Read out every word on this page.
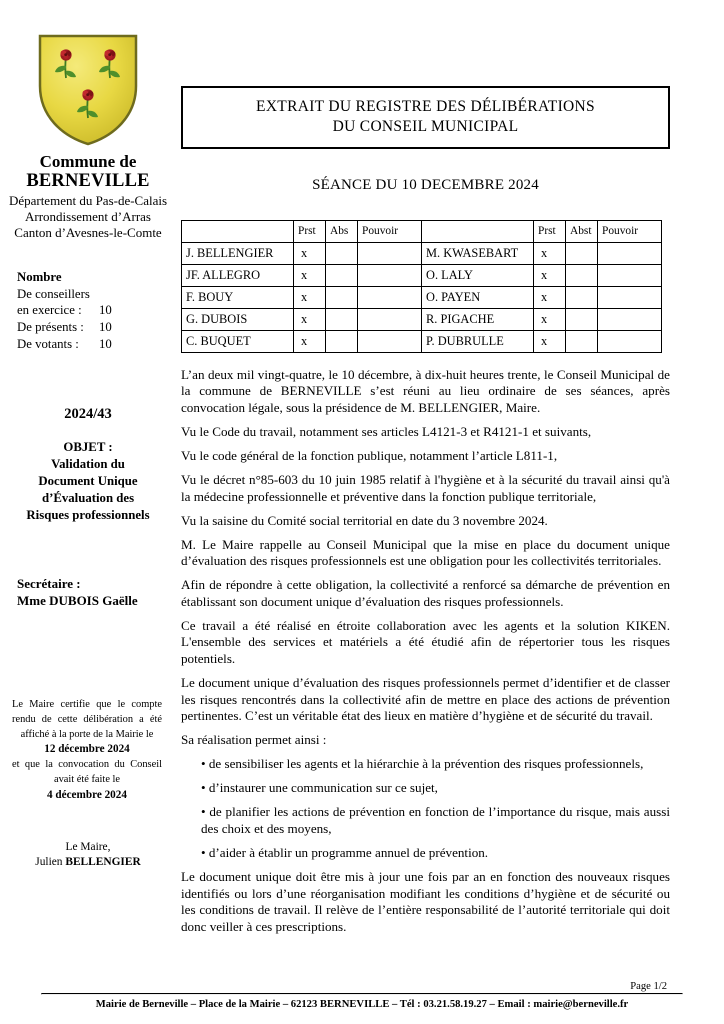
Commune de
BERNEVILLE
Département du Pas-de-Calais
Arrondissement d’Arras
Canton d’Avesnes-le-Comte
Nombre
De conseillers
en exercice :	10
De présents :	10
De votants :	10
2024/43
OBJET :
Validation du
Document Unique
d’Évaluation des
Risques professionnels
Secrétaire :
Mme DUBOIS Gaëlle
Le Maire certifie que le compte rendu de cette délibération a été affiché à la porte de la Mairie le
12 décembre 2024
et que la convocation du Conseil avait été faite le
4 décembre 2024
Le Maire,
Julien BELLENGIER
EXTRAIT DU REGISTRE DES DÉLIBÉRATIONS
DU CONSEIL MUNICIPAL
SÉANCE DU 10 DECEMBRE 2024
	Prst	Abs	Pouvoir		Prst	Abst	Pouvoir
J. BELLENGIER	x			M. KWASEBART	x		
JF. ALLEGRO	x			O. LALY	x		
F. BOUY	x			O. PAYEN	x		
G. DUBOIS	x			R. PIGACHE	x		
C. BUQUET	x			P. DUBRULLE	x		

L’an deux mil vingt-quatre, le 10 décembre, à dix-huit heures trente, le Conseil Municipal de la commune de BERNEVILLE s’est réuni au lieu ordinaire de ses séances, après convocation légale, sous la présidence de M. BELLENGIER, Maire.

Vu le Code du travail, notamment ses articles L4121-3 et R4121-1 et suivants,

Vu le code général de la fonction publique, notamment l’article L811-1,

Vu le décret n°85-603 du 10 juin 1985 relatif à l'hygiène et à la sécurité du travail ainsi qu'à la médecine professionnelle et préventive dans la fonction publique territoriale,

Vu la saisine du Comité social territorial en date du 3 novembre 2024.

M. Le Maire rappelle au Conseil Municipal que la mise en place du document unique d’évaluation des risques professionnels est une obligation pour les collectivités territoriales.

Afin de répondre à cette obligation, la collectivité a renforcé sa démarche de prévention en établissant son document unique d’évaluation des risques professionnels.

Ce travail a été réalisé en étroite collaboration avec les agents et la solution KIKEN. L'ensemble des services et matériels a été étudié afin de répertorier tous les risques potentiels.

Le document unique d’évaluation des risques professionnels permet d’identifier et de classer les risques rencontrés dans la collectivité afin de mettre en place des actions de prévention pertinentes. C’est un véritable état des lieux en matière d’hygiène et de sécurité du travail.

Sa réalisation permet ainsi :

• de sensibiliser les agents et la hiérarchie à la prévention des risques professionnels,

• d’instaurer une communication sur ce sujet,

• de planifier les actions de prévention en fonction de l’importance du risque, mais aussi des choix et des moyens,

• d’aider à établir un programme annuel de prévention.

Le document unique doit être mis à jour une fois par an en fonction des nouveaux risques identifiés ou lors d’une réorganisation modifiant les conditions d’hygiène et de sécurité ou les conditions de travail. Il relève de l’entière responsabilité de l’autorité territoriale qui doit donc veiller à ces prescriptions.

Page 1/2
Mairie de Berneville – Place de la Mairie – 62123 BERNEVILLE – Tél : 03.21.58.19.27 – Email : mairie@berneville.fr
